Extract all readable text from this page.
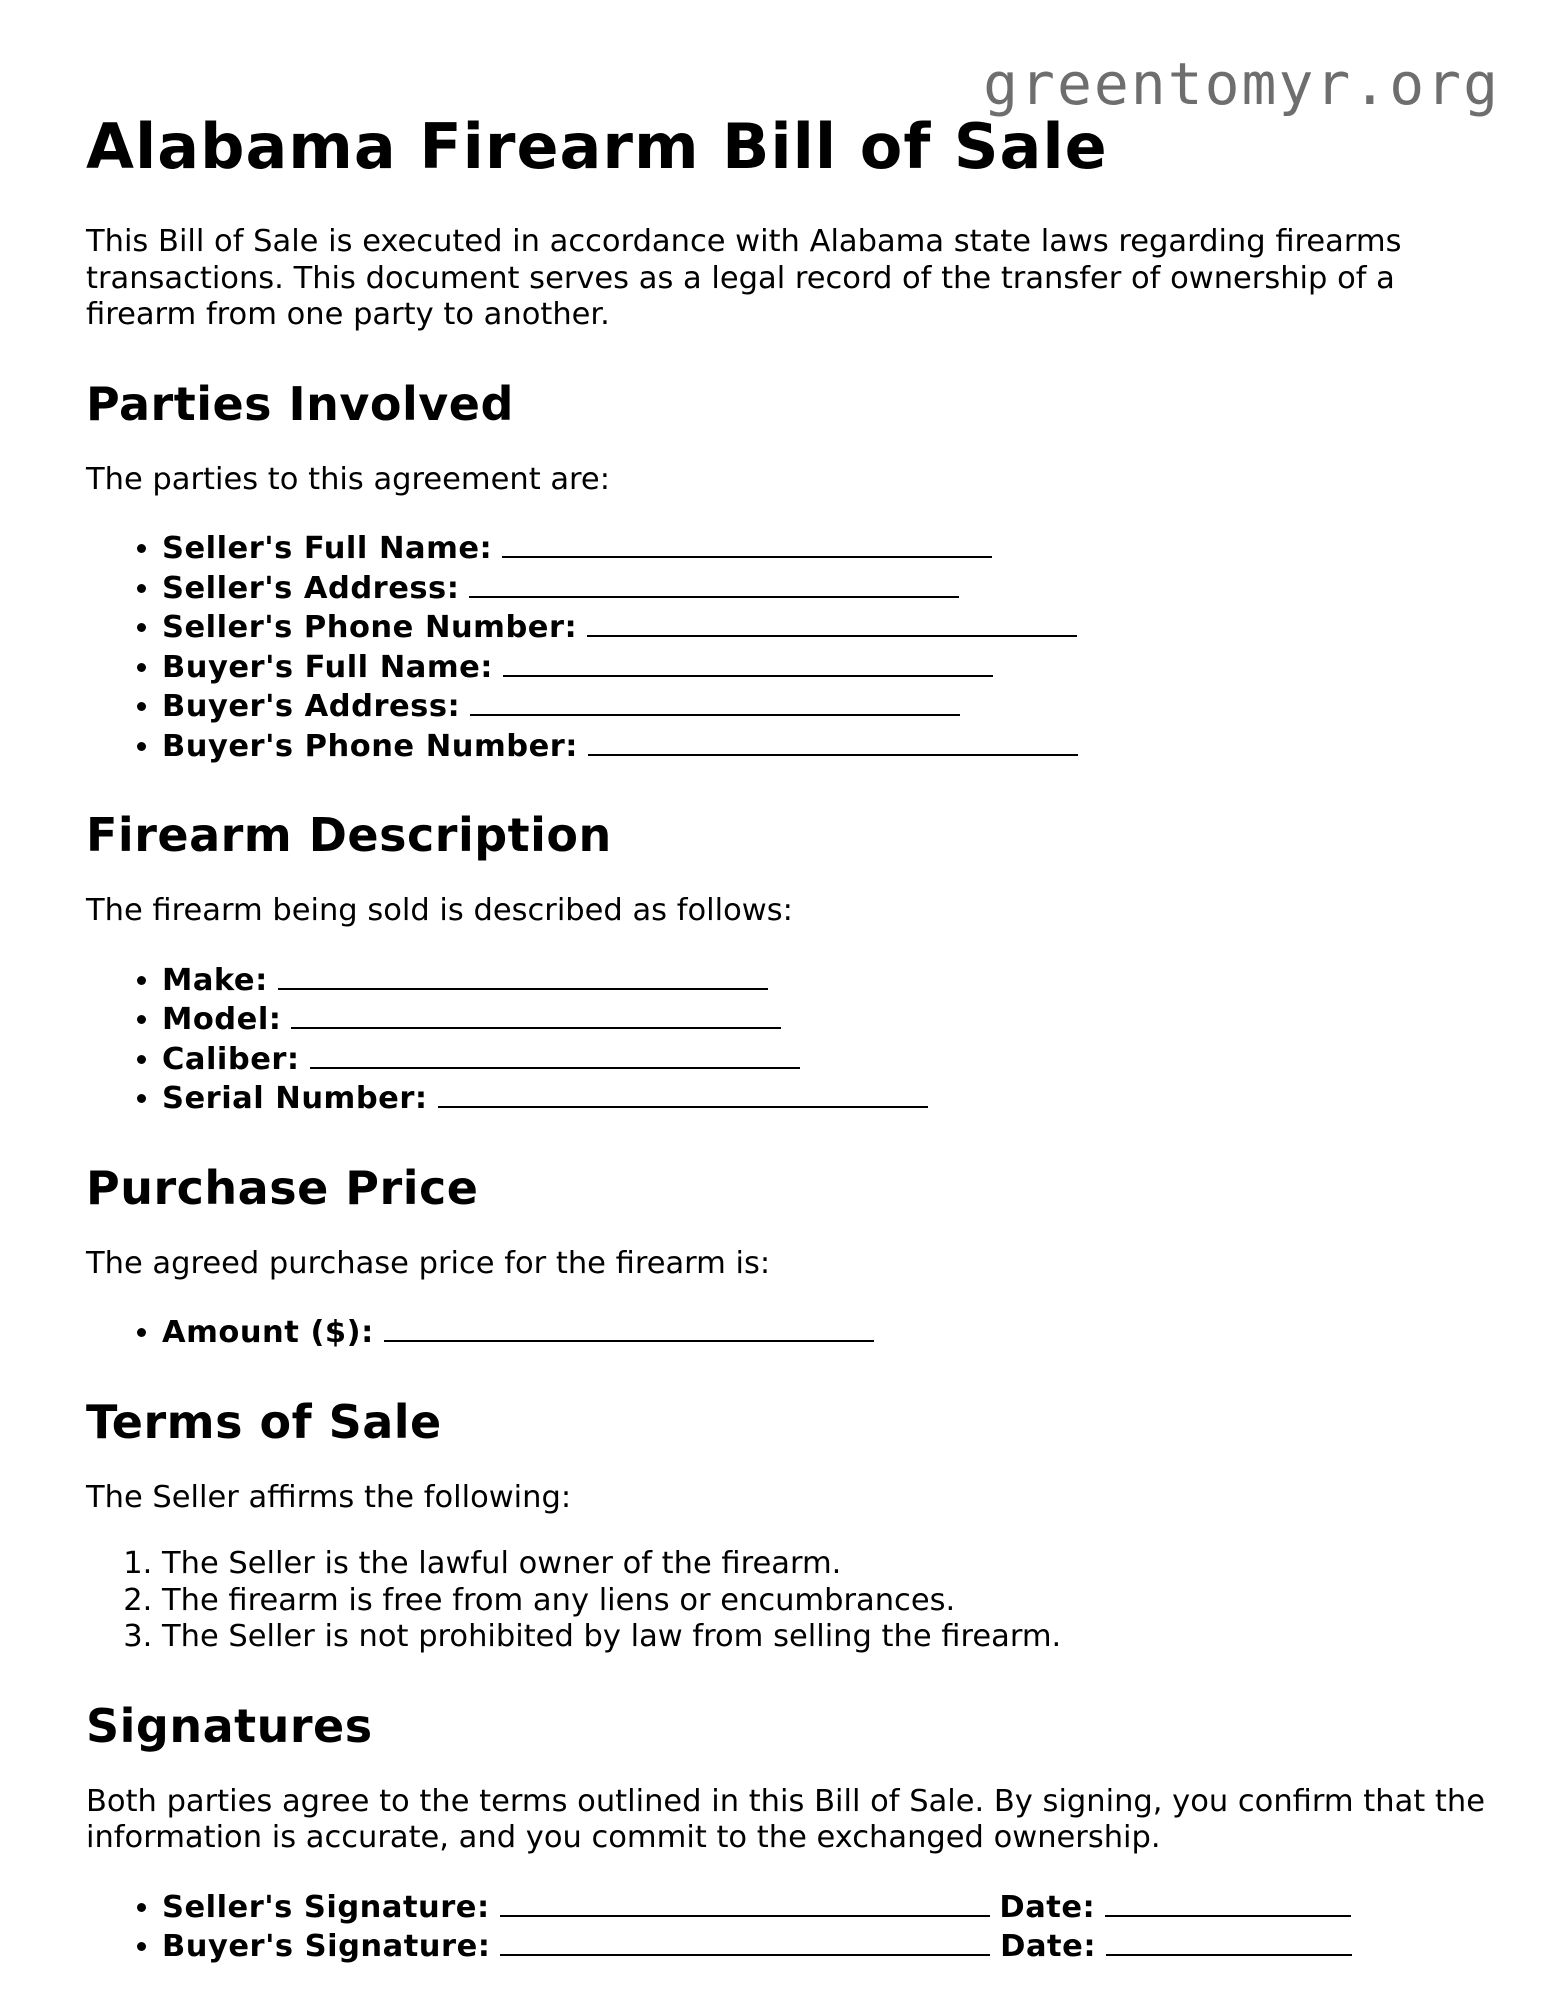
greentomyr.org
Alabama Firearm Bill of Sale

This Bill of Sale is executed in accordance with Alabama state laws regarding firearms transactions. This document serves as a legal record of the transfer of ownership of a firearm from one party to another.

Parties Involved

The parties to this agreement are:

• Seller's Full Name:
• Seller's Address:
• Seller's Phone Number:
• Buyer's Full Name:
• Buyer's Address:
• Buyer's Phone Number:
Firearm Description

The firearm being sold is described as follows:

• Make:
• Model:
• Caliber:
• Serial Number:
Purchase Price

The agreed purchase price for the firearm is:

• Amount ($):
Terms of Sale

The Seller affirms the following:

1. The Seller is the lawful owner of the firearm.
2. The firearm is free from any liens or encumbrances.
3. The Seller is not prohibited by law from selling the firearm.
Signatures

Both parties agree to the terms outlined in this Bill of Sale. By signing, you confirm that the information is accurate, and you commit to the exchanged ownership.

• Seller's Signature:	Date:
• Buyer's Signature:	Date:
